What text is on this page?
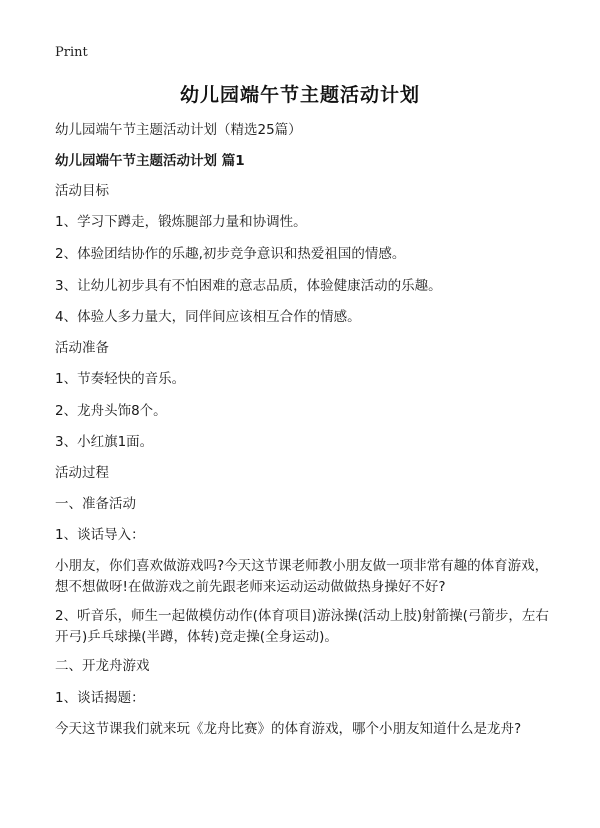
Print
幼儿园端午节主题活动计划
幼儿园端午节主题活动计划（精选25篇）
幼儿园端午节主题活动计划 篇1
活动目标
1、学习下蹲走，锻炼腿部力量和协调性。
2、体验团结协作的乐趣,初步竞争意识和热爱祖国的情感。
3、让幼儿初步具有不怕困难的意志品质，体验健康活动的乐趣。
4、体验人多力量大，同伴间应该相互合作的情感。
活动准备
1、节奏轻快的音乐。
2、龙舟头饰8个。
3、小红旗1面。
活动过程
一、准备活动
1、谈话导入：
小朋友，你们喜欢做游戏吗?今天这节课老师教小朋友做一项非常有趣的体育游戏，想不想做呀!在做游戏之前先跟老师来运动运动做做热身操好不好?
2、听音乐，师生一起做模仿动作(体育项目)游泳操(活动上肢)射箭操(弓箭步，左右开弓)乒乓球操(半蹲，体转)竞走操(全身运动)。
二、开龙舟游戏
1、谈话揭题：
今天这节课我们就来玩《龙舟比赛》的体育游戏，哪个小朋友知道什么是龙舟?
